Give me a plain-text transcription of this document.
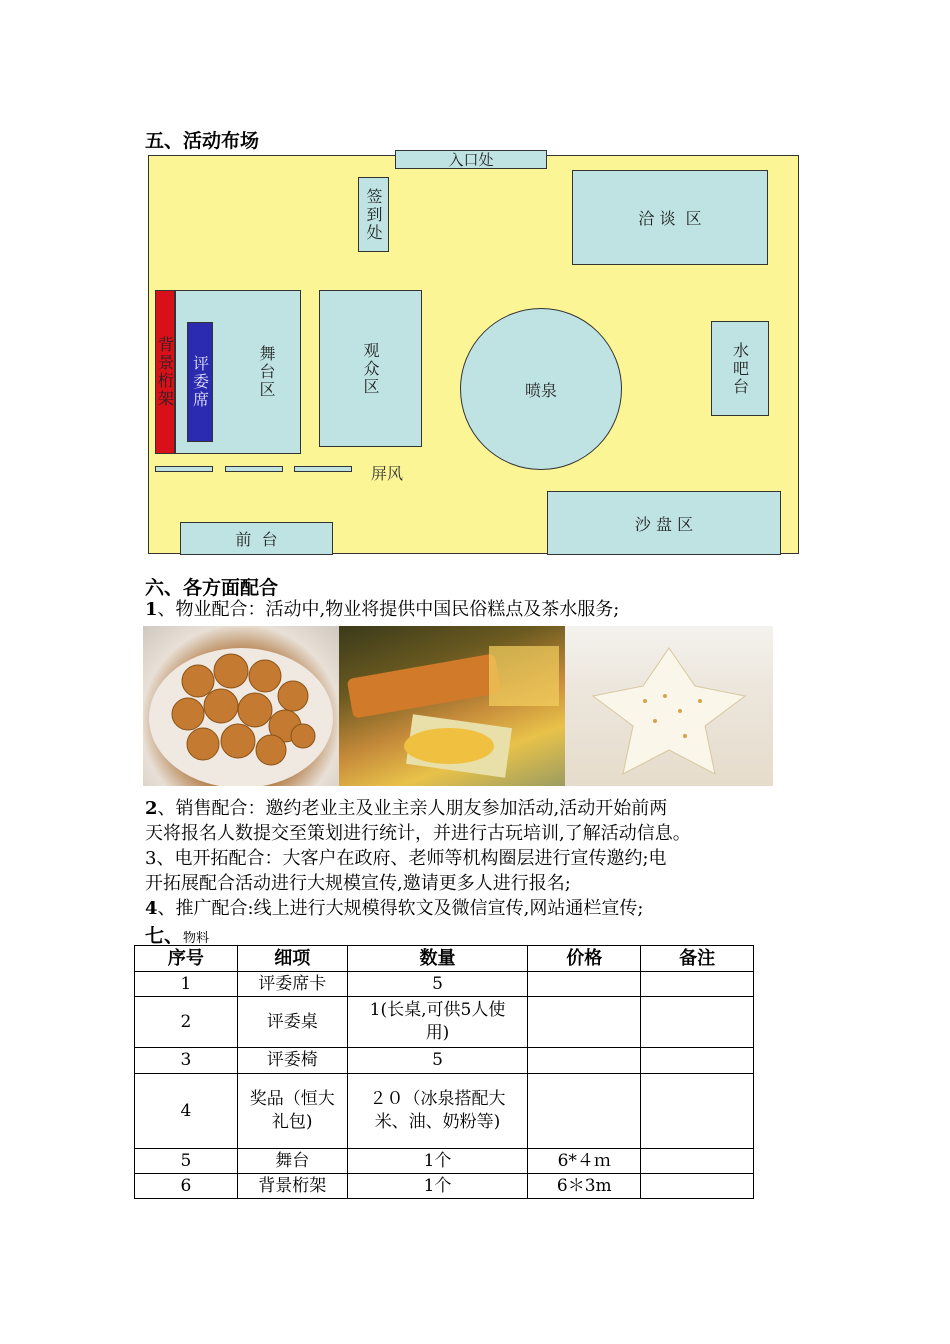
五、活动布场
入口处
签到处	洽 谈  区
背景桁架	舞台区
评委席	观众区	喷泉	水吧台
屏风
沙 盘 区
前  台
六、各方面配合
1、物业配合：活动中,物业将提供中国民俗糕点及茶水服务;
2、销售配合：邀约老业主及业主亲人朋友参加活动,活动开始前两
天将报名人数提交至策划进行统计，并进行古玩培训,了解活动信息。
3、电开拓配合：大客户在政府、老师等机构圈层进行宣传邀约;电
开拓展配合活动进行大规模宣传,邀请更多人进行报名;
4、推广配合:线上进行大规模得软文及微信宣传,网站通栏宣传;
七、物料
序号	细项	数量	价格	备注
1	评委席卡	5		
2	评委桌	1(长桌,可供5人使用)		
3	评委椅	5		
4	奖品（恒大礼包)	２０（冰泉搭配大米、油、奶粉等)		
5	舞台	1个	6*４ｍ	
6	背景桁架	1个	6＊3m	
